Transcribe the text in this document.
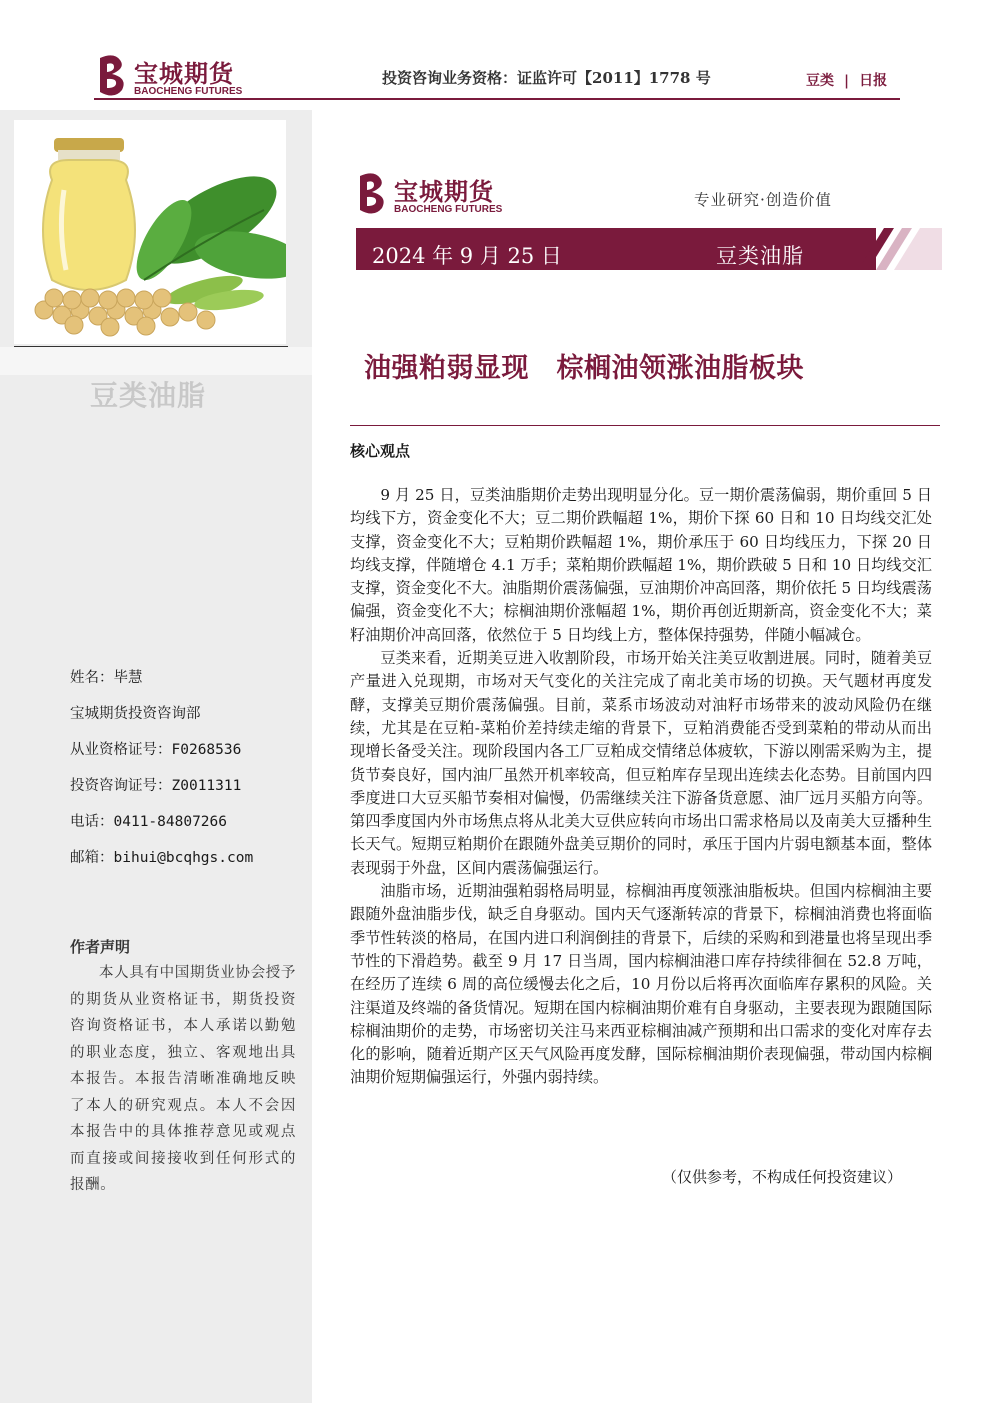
宝城期货
BAOCHENG FUTURES
投资咨询业务资格：证监许可【2011】1778 号	豆类 | 日报
豆类油脂
姓名：毕慧
宝城期货投资咨询部
从业资格证号：F0268536
投资咨询证号：Z0011311
电话：0411-84807266
邮箱：bihui@bcqhgs.com
作者声明
本人具有中国期货业协会授予的期货从业资格证书，期货投资咨询资格证书，本人承诺以勤勉的职业态度，独立、客观地出具本报告。本报告清晰准确地反映了本人的研究观点。本人不会因本报告中的具体推荐意见或观点而直接或间接接收到任何形式的报酬。
宝城期货
BAOCHENG FUTURES
专业研究·创造价值
2024 年 9 月 25 日	豆类油脂
油强粕弱显现　棕榈油领涨油脂板块
核心观点

9 月 25 日，豆类油脂期价走势出现明显分化。豆一期价震荡偏弱，期价重回 5 日均线下方，资金变化不大；豆二期价跌幅超 1%，期价下探 60 日和 10 日均线交汇处支撑，资金变化不大；豆粕期价跌幅超 1%，期价承压于 60 日均线压力，下探 20 日均线支撑，伴随增仓 4.1 万手；菜粕期价跌幅超 1%，期价跌破 5 日和 10 日均线交汇支撑，资金变化不大。油脂期价震荡偏强，豆油期价冲高回落，期价依托 5 日均线震荡偏强，资金变化不大；棕榈油期价涨幅超 1%，期价再创近期新高，资金变化不大；菜籽油期价冲高回落，依然位于 5 日均线上方，整体保持强势，伴随小幅减仓。

豆类来看，近期美豆进入收割阶段，市场开始关注美豆收割进展。同时，随着美豆产量进入兑现期，市场对天气变化的关注完成了南北美市场的切换。天气题材再度发酵，支撑美豆期价震荡偏强。目前，菜系市场波动对油籽市场带来的波动风险仍在继续，尤其是在豆粕-菜粕价差持续走缩的背景下，豆粕消费能否受到菜粕的带动从而出现增长备受关注。现阶段国内各工厂豆粕成交情绪总体疲软，下游以刚需采购为主，提货节奏良好，国内油厂虽然开机率较高，但豆粕库存呈现出连续去化态势。目前国内四季度进口大豆买船节奏相对偏慢，仍需继续关注下游备货意愿、油厂远月买船方向等。第四季度国内外市场焦点将从北美大豆供应转向市场出口需求格局以及南美大豆播种生长天气。短期豆粕期价在跟随外盘美豆期价的同时，承压于国内片弱电额基本面，整体表现弱于外盘，区间内震荡偏强运行。

油脂市场，近期油强粕弱格局明显，棕榈油再度领涨油脂板块。但国内棕榈油主要跟随外盘油脂步伐，缺乏自身驱动。国内天气逐渐转凉的背景下，棕榈油消费也将面临季节性转淡的格局，在国内进口利润倒挂的背景下，后续的采购和到港量也将呈现出季节性的下滑趋势。截至 9 月 17 日当周，国内棕榈油港口库存持续徘徊在 52.8 万吨，在经历了连续 6 周的高位缓慢去化之后，10 月份以后将再次面临库存累积的风险。关注渠道及终端的备货情况。短期在国内棕榈油期价难有自身驱动，主要表现为跟随国际棕榈油期价的走势，市场密切关注马来西亚棕榈油减产预期和出口需求的变化对库存去化的影响，随着近期产区天气风险再度发酵，国际棕榈油期价表现偏强，带动国内棕榈油期价短期偏强运行，外强内弱持续。

（仅供参考，不构成任何投资建议）
